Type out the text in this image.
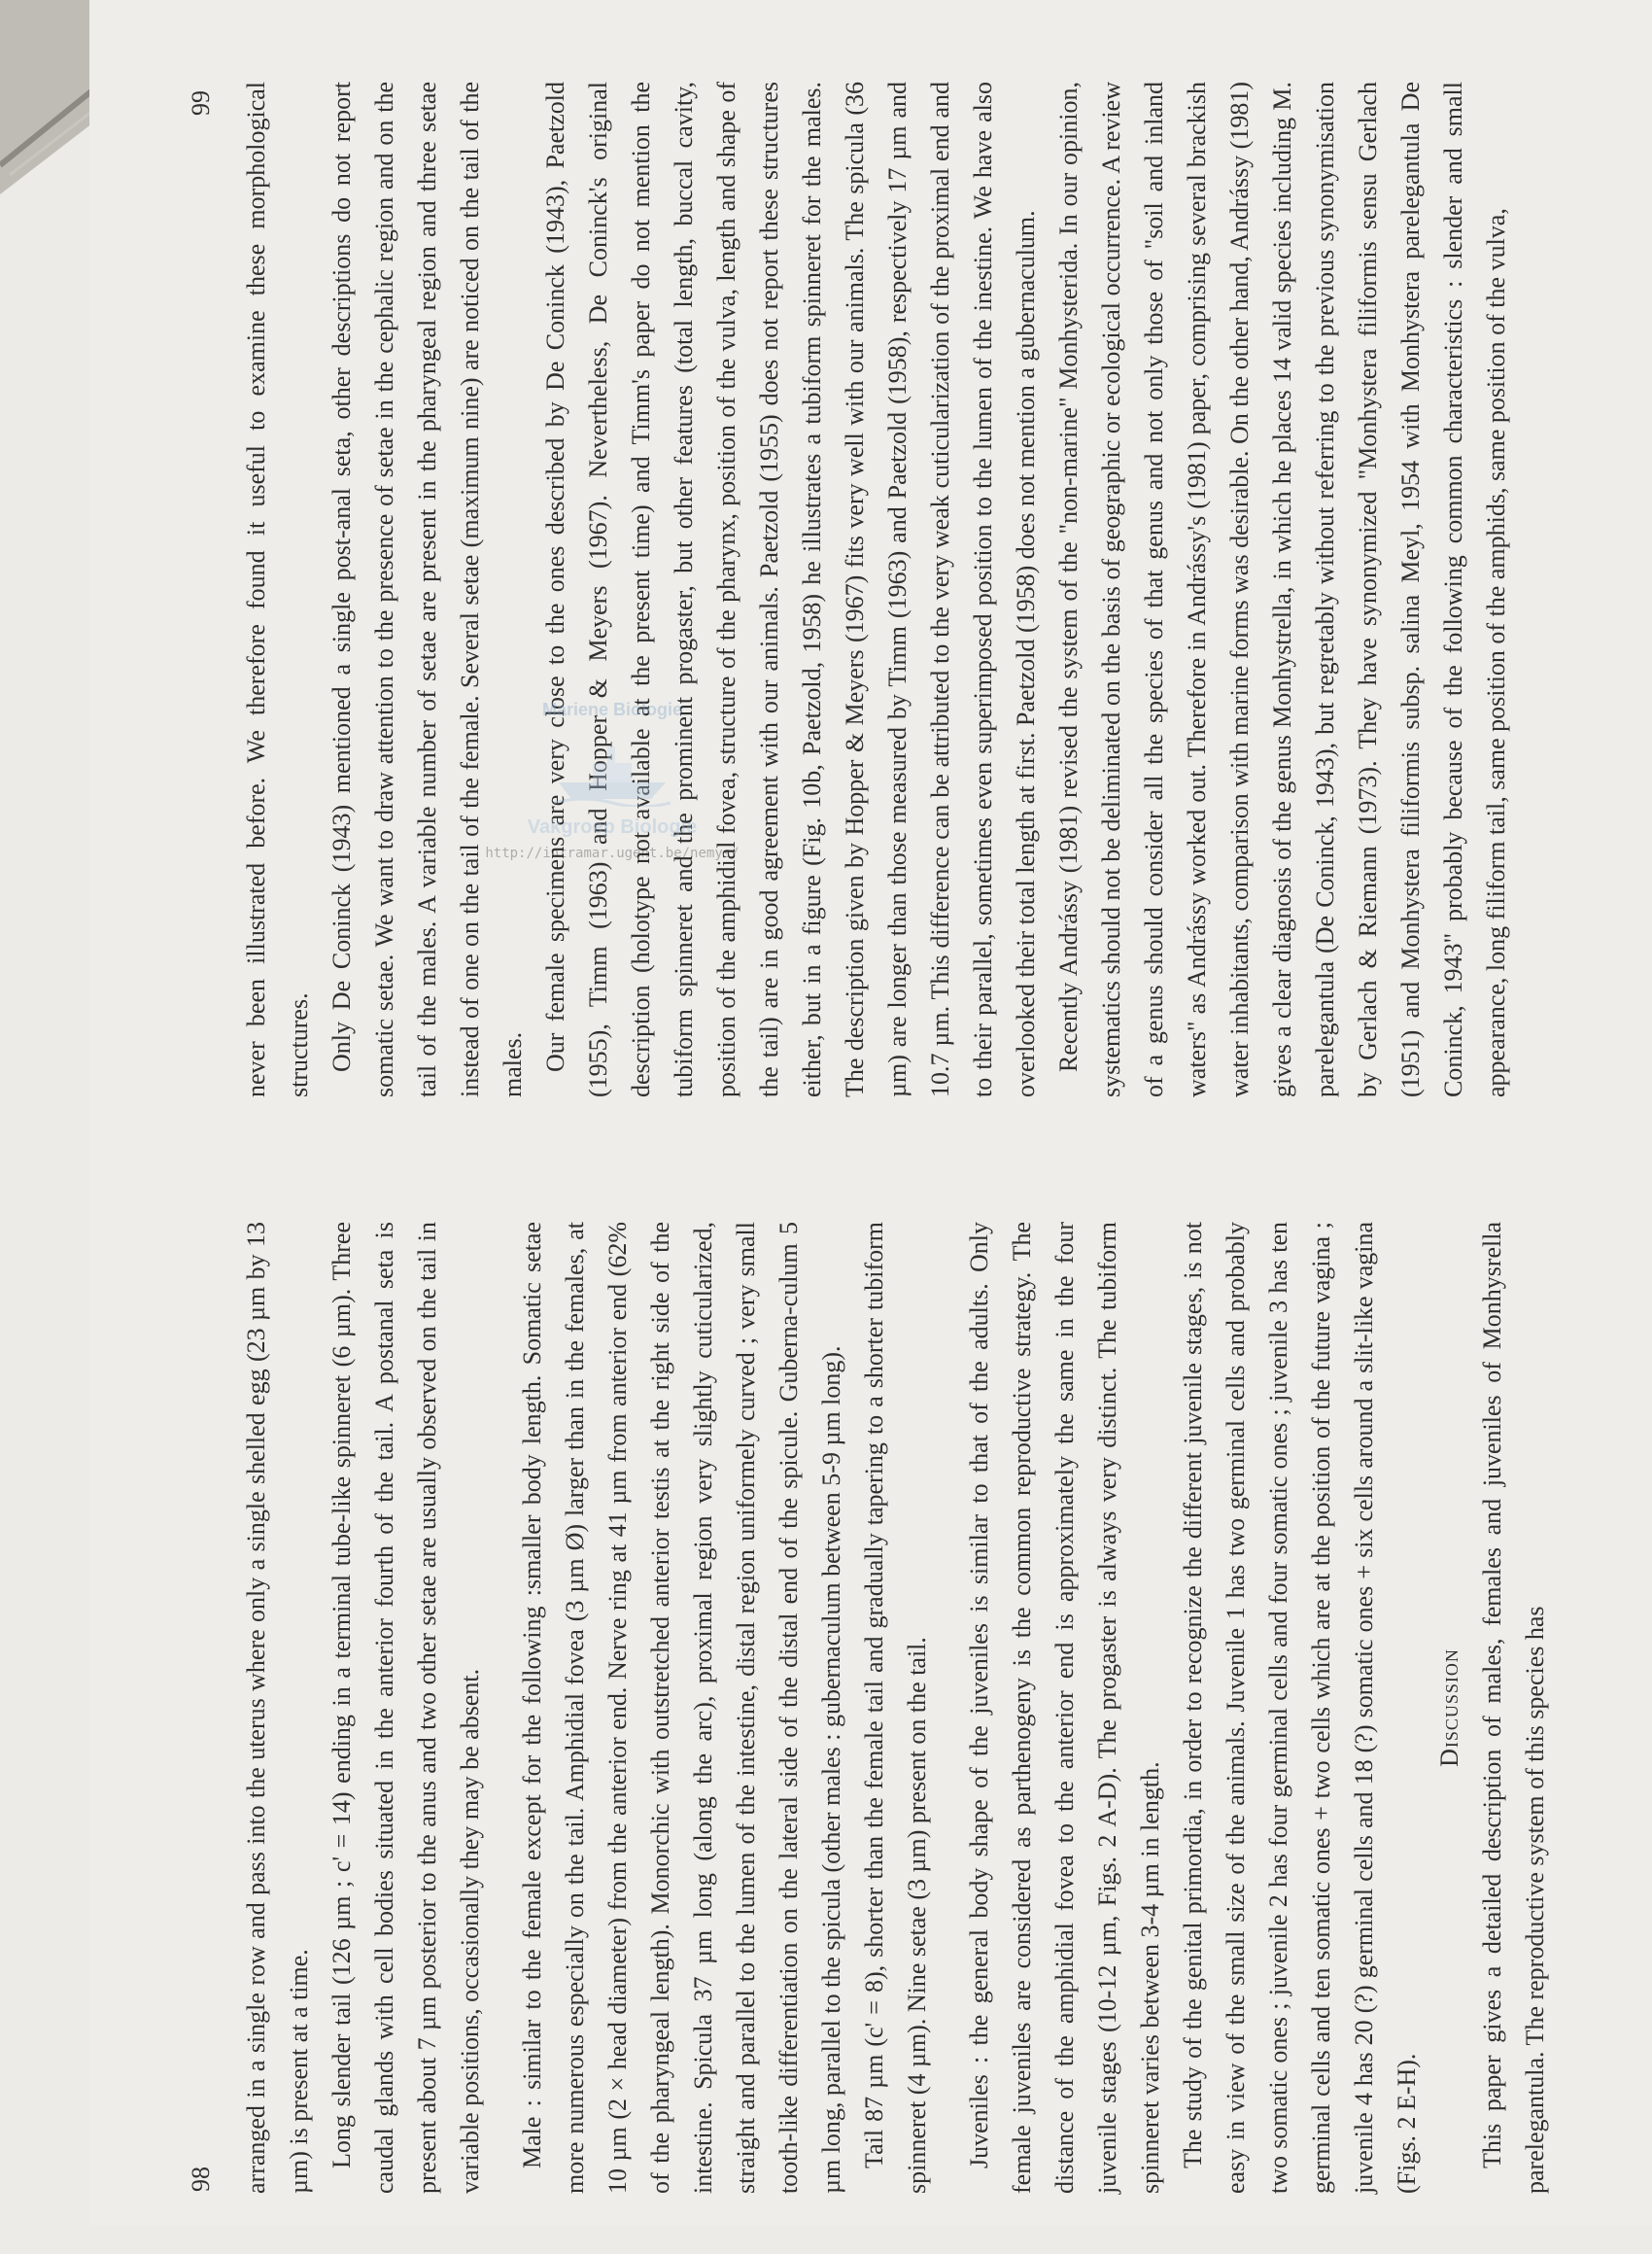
arranged in a single row and pass into the uterus where only a single shelled egg (23 µm by 13 µm) is present at a time. Long slender tail (126 µm ; c' = 14) ending in a terminal tube-like spinneret (6 µm). Three caudal glands with cell bodies situated in the anterior fourth of the tail. A postanal seta is present about 7 µm posterior to the anus and two other setae are usually observed on the tail in variable positions, occasionally they may be absent.	Male : similar to the female except for the following :smaller body length. Somatic setae more numerous especially on the tail. Amphidial fovea (3 µm Ø) larger than in the females, at 10 µm (2 × head diameter) from the anterior end. Nerve ring at 41 µm from anterior end (62% of the pharyngeal length). Monorchic with outstretched anterior testis at the right side of the intestine. Spicula 37 µm long (along the arc), proximal region very slightly cuticularized, straight and parallel to the lumen of the intestine, distal region uniformely curved ; very small tooth-like differentiation on the lateral side of the distal end of the spicule. Guberna-culum 5 µm long, parallel to the spicula (other males : gubernaculum between 5-9 µm long). Tail 87 µm (c' = 8), shorter than the female tail and gradually tapering to a shorter tubiform spinneret (4 µm). Nine setae (3 µm) present on the tail.	Juveniles : the general body shape of the juveniles is similar to that of the adults. Only female juveniles are considered as parthenogeny is the common reproductive strategy. The distance of the amphidial fovea to the anterior end is approximately the same in the four juvenile stages (10-12 µm, Figs. 2 A-D). The progaster is always very distinct. The tubiform spinneret varies between 3-4 µm in length. The study of the genital primordia, in order to recognize the different juvenile stages, is not easy in view of the small size of the animals. Juvenile 1 has two germinal cells and probably two somatic ones ; juvenile 2 has four germinal cells and four somatic ones ; juvenile 3 has ten germinal cells and ten somatic ones + two cells which are at the position of the future vagina ; juvenile 4 has 20 (?) germinal cells and 18 (?) somatic ones + six cells around a slit-like vagina (Figs. 2 E-H).

Discussion This paper gives a detailed description of males, females and juveniles of Monhysrella parelegantula. The reproductive system of this species has

98

never been illustrated before. We therefore found it useful to examine these morphological structures. Only De Coninck (1943) mentioned a single post-anal seta, other descriptions do not report somatic setae. We want to draw attention to the presence of setae in the cephalic region and on the tail of the males. A variable number of setae are present in the pharyngeal region and three setae instead of one on the tail of the female. Several setae (maximum nine) are noticed on the tail of the males. Our female specimens are very close to the ones described by De Coninck (1943), Paetzold (1955), Timm (1963) and Hopper & Meyers (1967). Nevertheless, De Coninck's original description (holotype not available at the present time) and Timm's paper do not mention the tubiform spinneret and the prominent progaster, but other features (total length, buccal cavity, position of the amphidial fovea, structure of the pharynx, position of the vulva, length and shape of the tail) are in good agreement with our animals. Paetzold (1955) does not report these structures either, but in a figure (Fig. 10b, Paetzold, 1958) he illustrates a tubiform spinneret for the males. The description given by Hopper & Meyers (1967) fits very well with our animals. The spicula (36 µm) are longer than those measured by Timm (1963) and Paetzold (1958), respectively 17 µm and 10.7 µm. This difference can be attributed to the very weak cuticularization of the proximal end and to their parallel, sometimes even superimposed position to the lumen of the inestine. We have also overlooked their total length at first. Paetzold (1958) does not mention a gubernaculum. Recently Andrássy (1981) revised the system of the "non-marine" Monhysterida. In our opinion, systematics should not be deliminated on the basis of geographic or ecological occurrence. A review of a genus should consider all the species of that genus and not only those of "soil and inland waters" as Andrássy worked out. Therefore in Andrássy's (1981) paper, comprising several brackish water inhabitants, comparison with marine forms was desirable. On the other hand, Andrássy (1981) gives a clear diagnosis of the genus Monhystrella, in which he places 14 valid species including M. parelegantula (De Coninck, 1943), but regretably without referring to the previous synonymisation by Gerlach & Riemann (1973). They have synonymized "Monhystera filiformis sensu Gerlach (1951) and Monhystera filiformis subsp. salina Meyl, 1954 with Monhystera parelegantula De Coninck, 1943" probably because of the following common characteristics : slender and small appearance, long filiform tail, same position of the amphids, same position of the vulva,

99
Mariene Biologie
Vakgroep Biologie
http://intramar.ugent.be/nemys/
